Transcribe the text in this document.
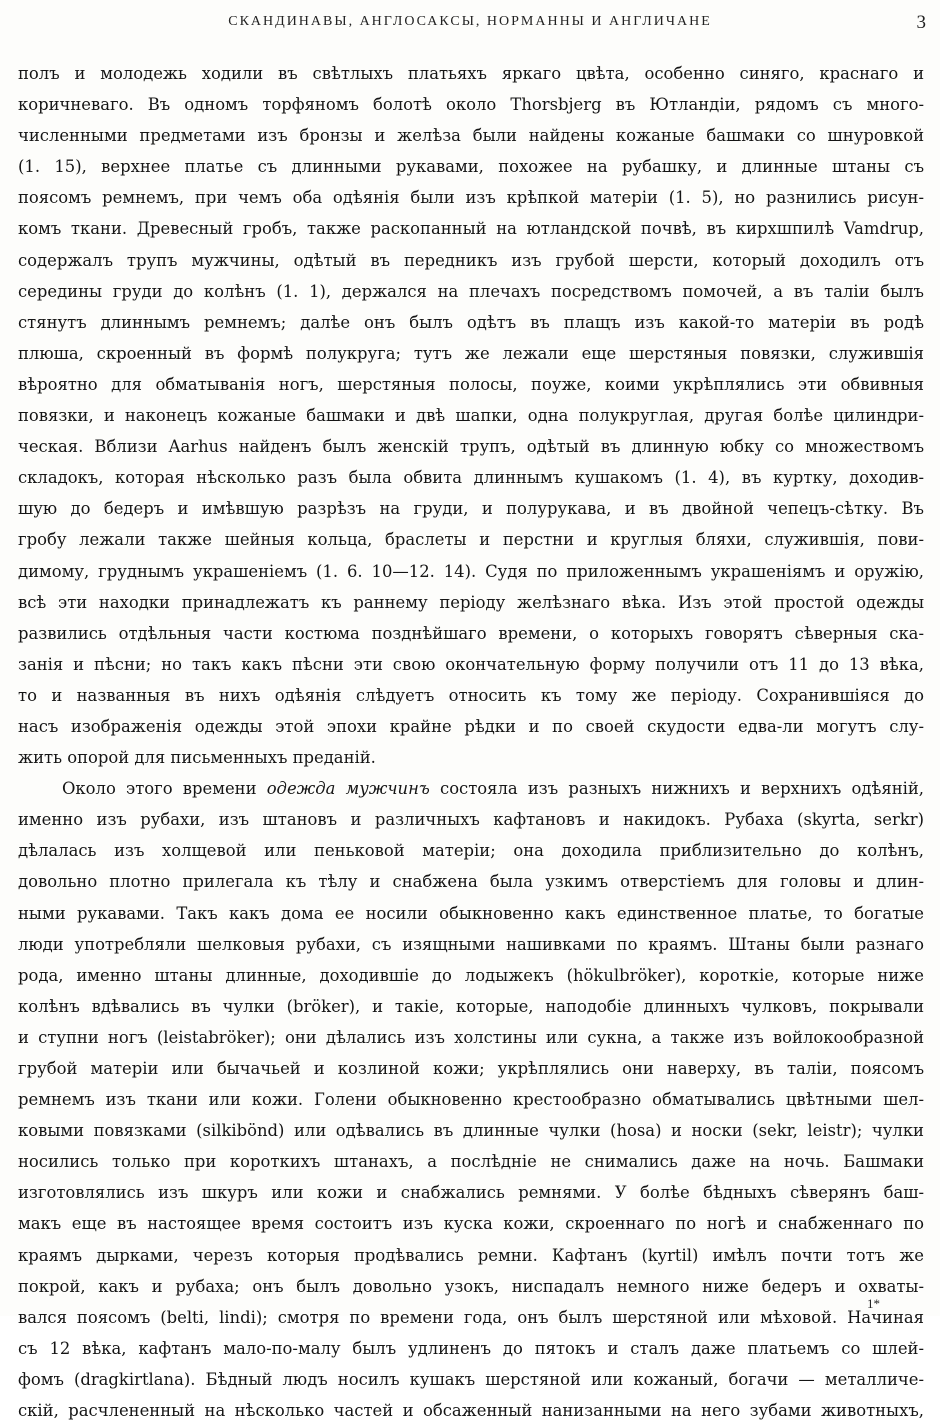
СКАНДИНАВЫ, АНГЛОСАКСЫ, НОРМАННЫ И АНГЛИЧАНЕ	3
полъ и молодежь ходили въ свѣтлыхъ платьяхъ яркаго цвѣта, особенно синяго, краснаго и
коричневаго. Въ одномъ торфяномъ болотѣ около Thorsbjerg въ Ютландіи, рядомъ съ много-
численными предметами изъ бронзы и желѣза были найдены кожаные башмаки со шнуровкой
(1. 15), верхнее платье съ длинными рукавами, похожее на рубашку, и длинные штаны съ
поясомъ ремнемъ, при чемъ оба одѣянія были изъ крѣпкой матеріи (1. 5), но разнились рисун-
комъ ткани. Древесный гробъ, также раскопанный на ютландской почвѣ, въ кирхшпилѣ Vamdrup,
содержалъ трупъ мужчины, одѣтый въ передникъ изъ грубой шерсти, который доходилъ отъ
середины груди до колѣнъ (1. 1), держался на плечахъ посредствомъ помочей, а въ таліи былъ
стянутъ длиннымъ ремнемъ; далѣе онъ былъ одѣтъ въ плащъ изъ какой-то матеріи въ родѣ
плюша, скроенный въ формѣ полукруга; тутъ же лежали еще шерстяныя повязки, служившія
вѣроятно для обматыванія ногъ, шерстяныя полосы, поуже, коими укрѣплялись эти обвивныя
повязки, и наконецъ кожаные башмаки и двѣ шапки, одна полукруглая, другая болѣе цилиндри-
ческая. Вблизи Aarhus найденъ былъ женскій трупъ, одѣтый въ длинную юбку со множествомъ
складокъ, которая нѣсколько разъ была обвита длиннымъ кушакомъ (1. 4), въ куртку, доходив-
шую до бедеръ и имѣвшую разрѣзъ на груди, и полурукава, и въ двойной чепецъ-сѣтку. Въ
гробу лежали также шейныя кольца, браслеты и перстни и круглыя бляхи, служившія, пови-
димому, груднымъ украшеніемъ (1. 6. 10—12. 14). Судя по приложеннымъ украшеніямъ и оружію,
всѣ эти находки принадлежатъ къ раннему періоду желѣзнаго вѣка. Изъ этой простой одежды
развились отдѣльныя части костюма позднѣйшаго времени, о которыхъ говорятъ сѣверныя ска-
занія и пѣсни; но такъ какъ пѣсни эти свою окончательную форму получили отъ 11 до 13 вѣка,
то и названныя въ нихъ одѣянія слѣдуетъ относить къ тому же періоду. Сохранившіяся до
насъ изображенія одежды этой эпохи крайне рѣдки и по своей скудости едва-ли могутъ слу-
жить опорой для письменныхъ преданій.
Около этого времени одежда мужчинъ состояла изъ разныхъ нижнихъ и верхнихъ одѣяній,
именно изъ рубахи, изъ штановъ и различныхъ кафтановъ и накидокъ. Рубаха (skyrta, serkr)
дѣлалась изъ холщевой или пеньковой матеріи; она доходила приблизительно до колѣнъ,
довольно плотно прилегала къ тѣлу и снабжена была узкимъ отверстіемъ для головы и длин-
ными рукавами. Такъ какъ дома ее носили обыкновенно какъ единственное платье, то богатые
люди употребляли шелковыя рубахи, съ изящными нашивками по краямъ. Штаны были разнаго
рода, именно штаны длинные, доходившіе до лодыжекъ (hökulbröker), короткіе, которые ниже
колѣнъ вдѣвались въ чулки (bröker), и такіе, которые, наподобіе длинныхъ чулковъ, покрывали
и ступни ногъ (leistabröker); они дѣлались изъ холстины или сукна, а также изъ войлокообразной
грубой матеріи или бычачьей и козлиной кожи; укрѣплялись они наверху, въ таліи, поясомъ
ремнемъ изъ ткани или кожи. Голени обыкновенно крестообразно обматывались цвѣтными шел-
ковыми повязками (silkibönd) или одѣвались въ длинные чулки (hosa) и носки (sekr, leistr); чулки
носились только при короткихъ штанахъ, а послѣдніе не снимались даже на ночь. Башмаки
изготовлялись изъ шкуръ или кожи и снабжались ремнями. У болѣе бѣдныхъ сѣверянъ баш-
макъ еще въ настоящее время состоитъ изъ куска кожи, скроеннаго по ногѣ и снабженнаго по
краямъ дырками, черезъ которыя продѣвались ремни. Кафтанъ (kyrtil) имѣлъ почти тотъ же
покрой, какъ и рубаха; онъ былъ довольно узокъ, ниспадалъ немного ниже бедеръ и охваты-
вался поясомъ (belti, lindi); смотря по времени года, онъ былъ шерстяной или мѣховой. Начиная
съ 12 вѣка, кафтанъ мало-по-малу былъ удлиненъ до пятокъ и сталъ даже платьемъ со шлей-
фомъ (dragkirtlana). Бѣдный людъ носилъ кушакъ шерстяной или кожаный, богачи — металличе-
скій, расчлененный на нѣсколько частей и обсаженный нанизанными на него зубами животныхъ,
1*
